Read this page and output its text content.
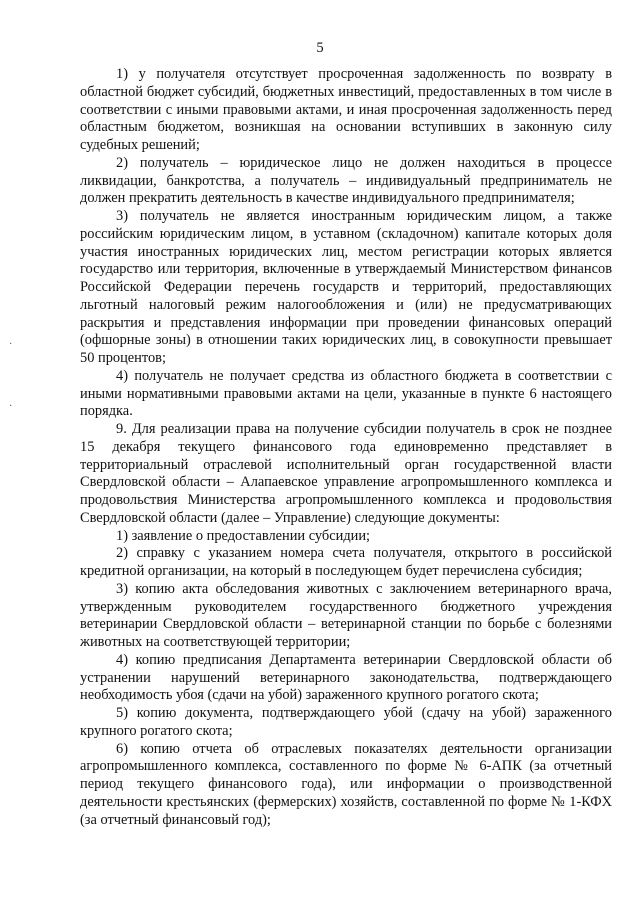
5
·
·

1) у получателя отсутствует просроченная задолженность по возврату в областной бюджет субсидий, бюджетных инвестиций, предоставленных в том числе в соответствии с иными правовыми актами, и иная просроченная задолженность перед областным бюджетом, возникшая на основании вступивших в законную силу судебных решений;

2) получатель – юридическое лицо не должен находиться в процессе ликвидации, банкротства, а получатель – индивидуальный предприниматель не должен прекратить деятельность в качестве индивидуального предпринимателя;

3) получатель не является иностранным юридическим лицом, а также российским юридическим лицом, в уставном (складочном) капитале которых доля участия иностранных юридических лиц, местом регистрации которых является государство или территория, включенные в утверждаемый Министерством финансов Российской Федерации перечень государств и территорий, предоставляющих льготный налоговый режим налогообложения и (или) не предусматривающих раскрытия и представления информации при проведении финансовых операций (офшорные зоны) в отношении таких юридических лиц, в совокупности превышает 50 процентов;

4) получатель не получает средства из областного бюджета в соответствии с иными нормативными правовыми актами на цели, указанные в пункте 6 настоящего порядка.

9. Для реализации права на получение субсидии получатель в срок не позднее 15 декабря текущего финансового года единовременно представляет в территориальный отраслевой исполнительный орган государственной власти Свердловской области – Алапаевское управление агропромышленного комплекса и продовольствия Министерства агропромышленного комплекса и продовольствия Свердловской области (далее – Управление) следующие документы:

1) заявление о предоставлении субсидии;

2) справку с указанием номера счета получателя, открытого в российской кредитной организации, на который в последующем будет перечислена субсидия;

3) копию акта обследования животных с заключением ветеринарного врача, утвержденным руководителем государственного бюджетного учреждения ветеринарии Свердловской области – ветеринарной станции по борьбе с болезнями животных на соответствующей территории;

4) копию предписания Департамента ветеринарии Свердловской области об устранении нарушений ветеринарного законодательства, подтверждающего необходимость убоя (сдачи на убой) зараженного крупного рогатого скота;

5) копию документа, подтверждающего убой (сдачу на убой) зараженного крупного рогатого скота;

6) копию отчета об отраслевых показателях деятельности организации агропромышленного комплекса, составленного по форме № 6-АПК (за отчетный период текущего финансового года), или информации о производственной деятельности крестьянских (фермерских) хозяйств, составленной по форме № 1-КФХ (за отчетный финансовый год);
